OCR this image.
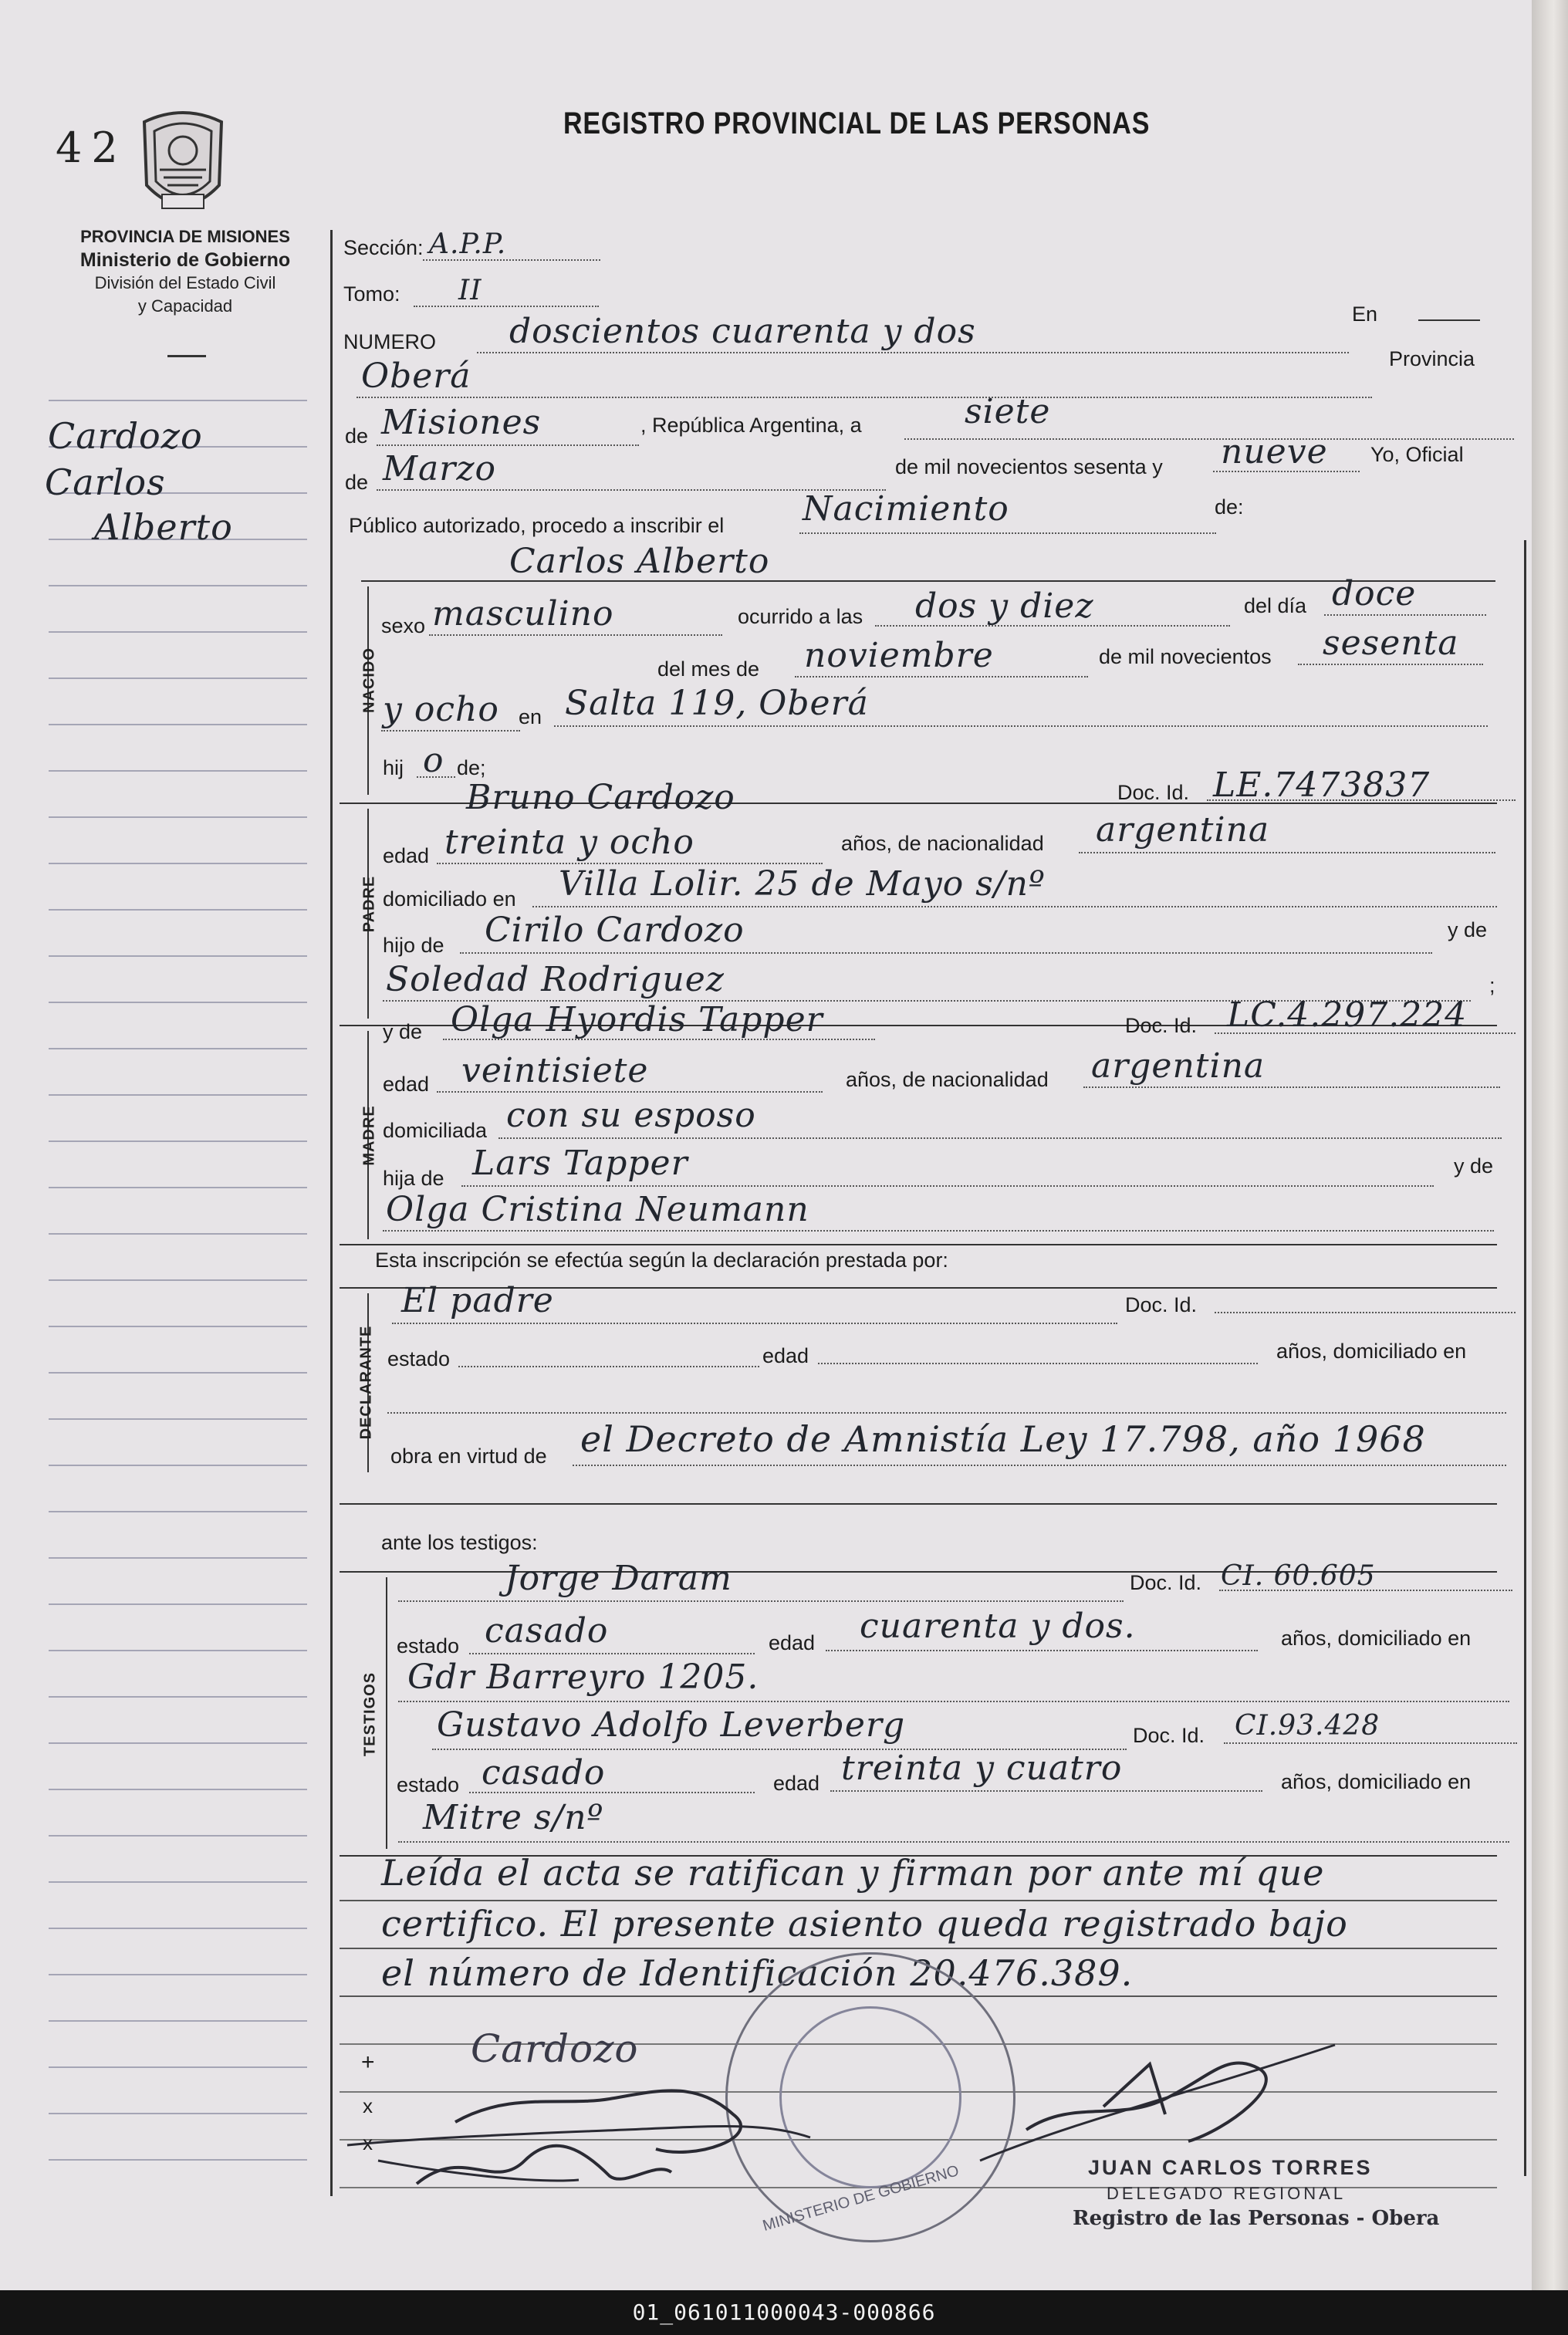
42	REGISTRO PROVINCIAL DE LAS PERSONAS
PROVINCIA DE MISIONES
Ministerio de Gobierno
División del Estado Civil
y Capacidad
Cardozo
Carlos
Alberto
Sección: A.P.P.
Tomo: II
NUMERO doscientos cuarenta y dos	En
Oberá	Provincia
de Misiones	, República Argentina, a	siete
de Marzo	de mil novecientos sesenta y nueve Yo, Oficial
Público autorizado, procedo a inscribir el Nacimiento	de:
Carlos Alberto
NACIDO
sexo masculino	ocurrido a las dos y diez	del día doce
del mes de noviembre	de mil novecientos sesenta
y ocho en Salta 119, Oberá
hij o de;
Bruno Cardozo	Doc. Id. LE.7473837
PADRE
edad treinta y ocho	años, de nacionalidad argentina
domiciliado en Villa Lolir. 25 de Mayo s/nº
hijo de Cirilo Cardozo	y de
Soledad Rodriguez	;
y de Olga Hyordis Tapper	Doc. Id. LC.4.297.224
MADRE
edad veintisiete	años, de nacionalidad argentina
domiciliada con su esposo
hija de Lars Tapper	y de
Olga Cristina Neumann
Esta inscripción se efectúa según la declaración prestada por:
DECLARANTE
El padre	Doc. Id.
estado	edad	años, domiciliado en
obra en virtud de el Decreto de Amnistía Ley 17.798, año 1968
ante los testigos:
TESTIGOS
Jorge Daram	Doc. Id. CI. 60.605
estado casado	edad cuarenta y dos.	años, domiciliado en
Gdr Barreyro 1205.
Gustavo Adolfo Leverberg	Doc. Id. CI.93.428
estado casado	edad treinta y cuatro	años, domiciliado en
Mitre s/nº
Leída el acta se ratifican y firman por ante mí que
certifico. El presente asiento queda registrado bajo
el número de Identificación 20.476.389.
MINISTERIO DE GOBIERNO
+ Cardozo
x
x
JUAN CARLOS TORRES
DELEGADO REGIONAL
Registro de las Personas - Obera
01_061011000043-000866
